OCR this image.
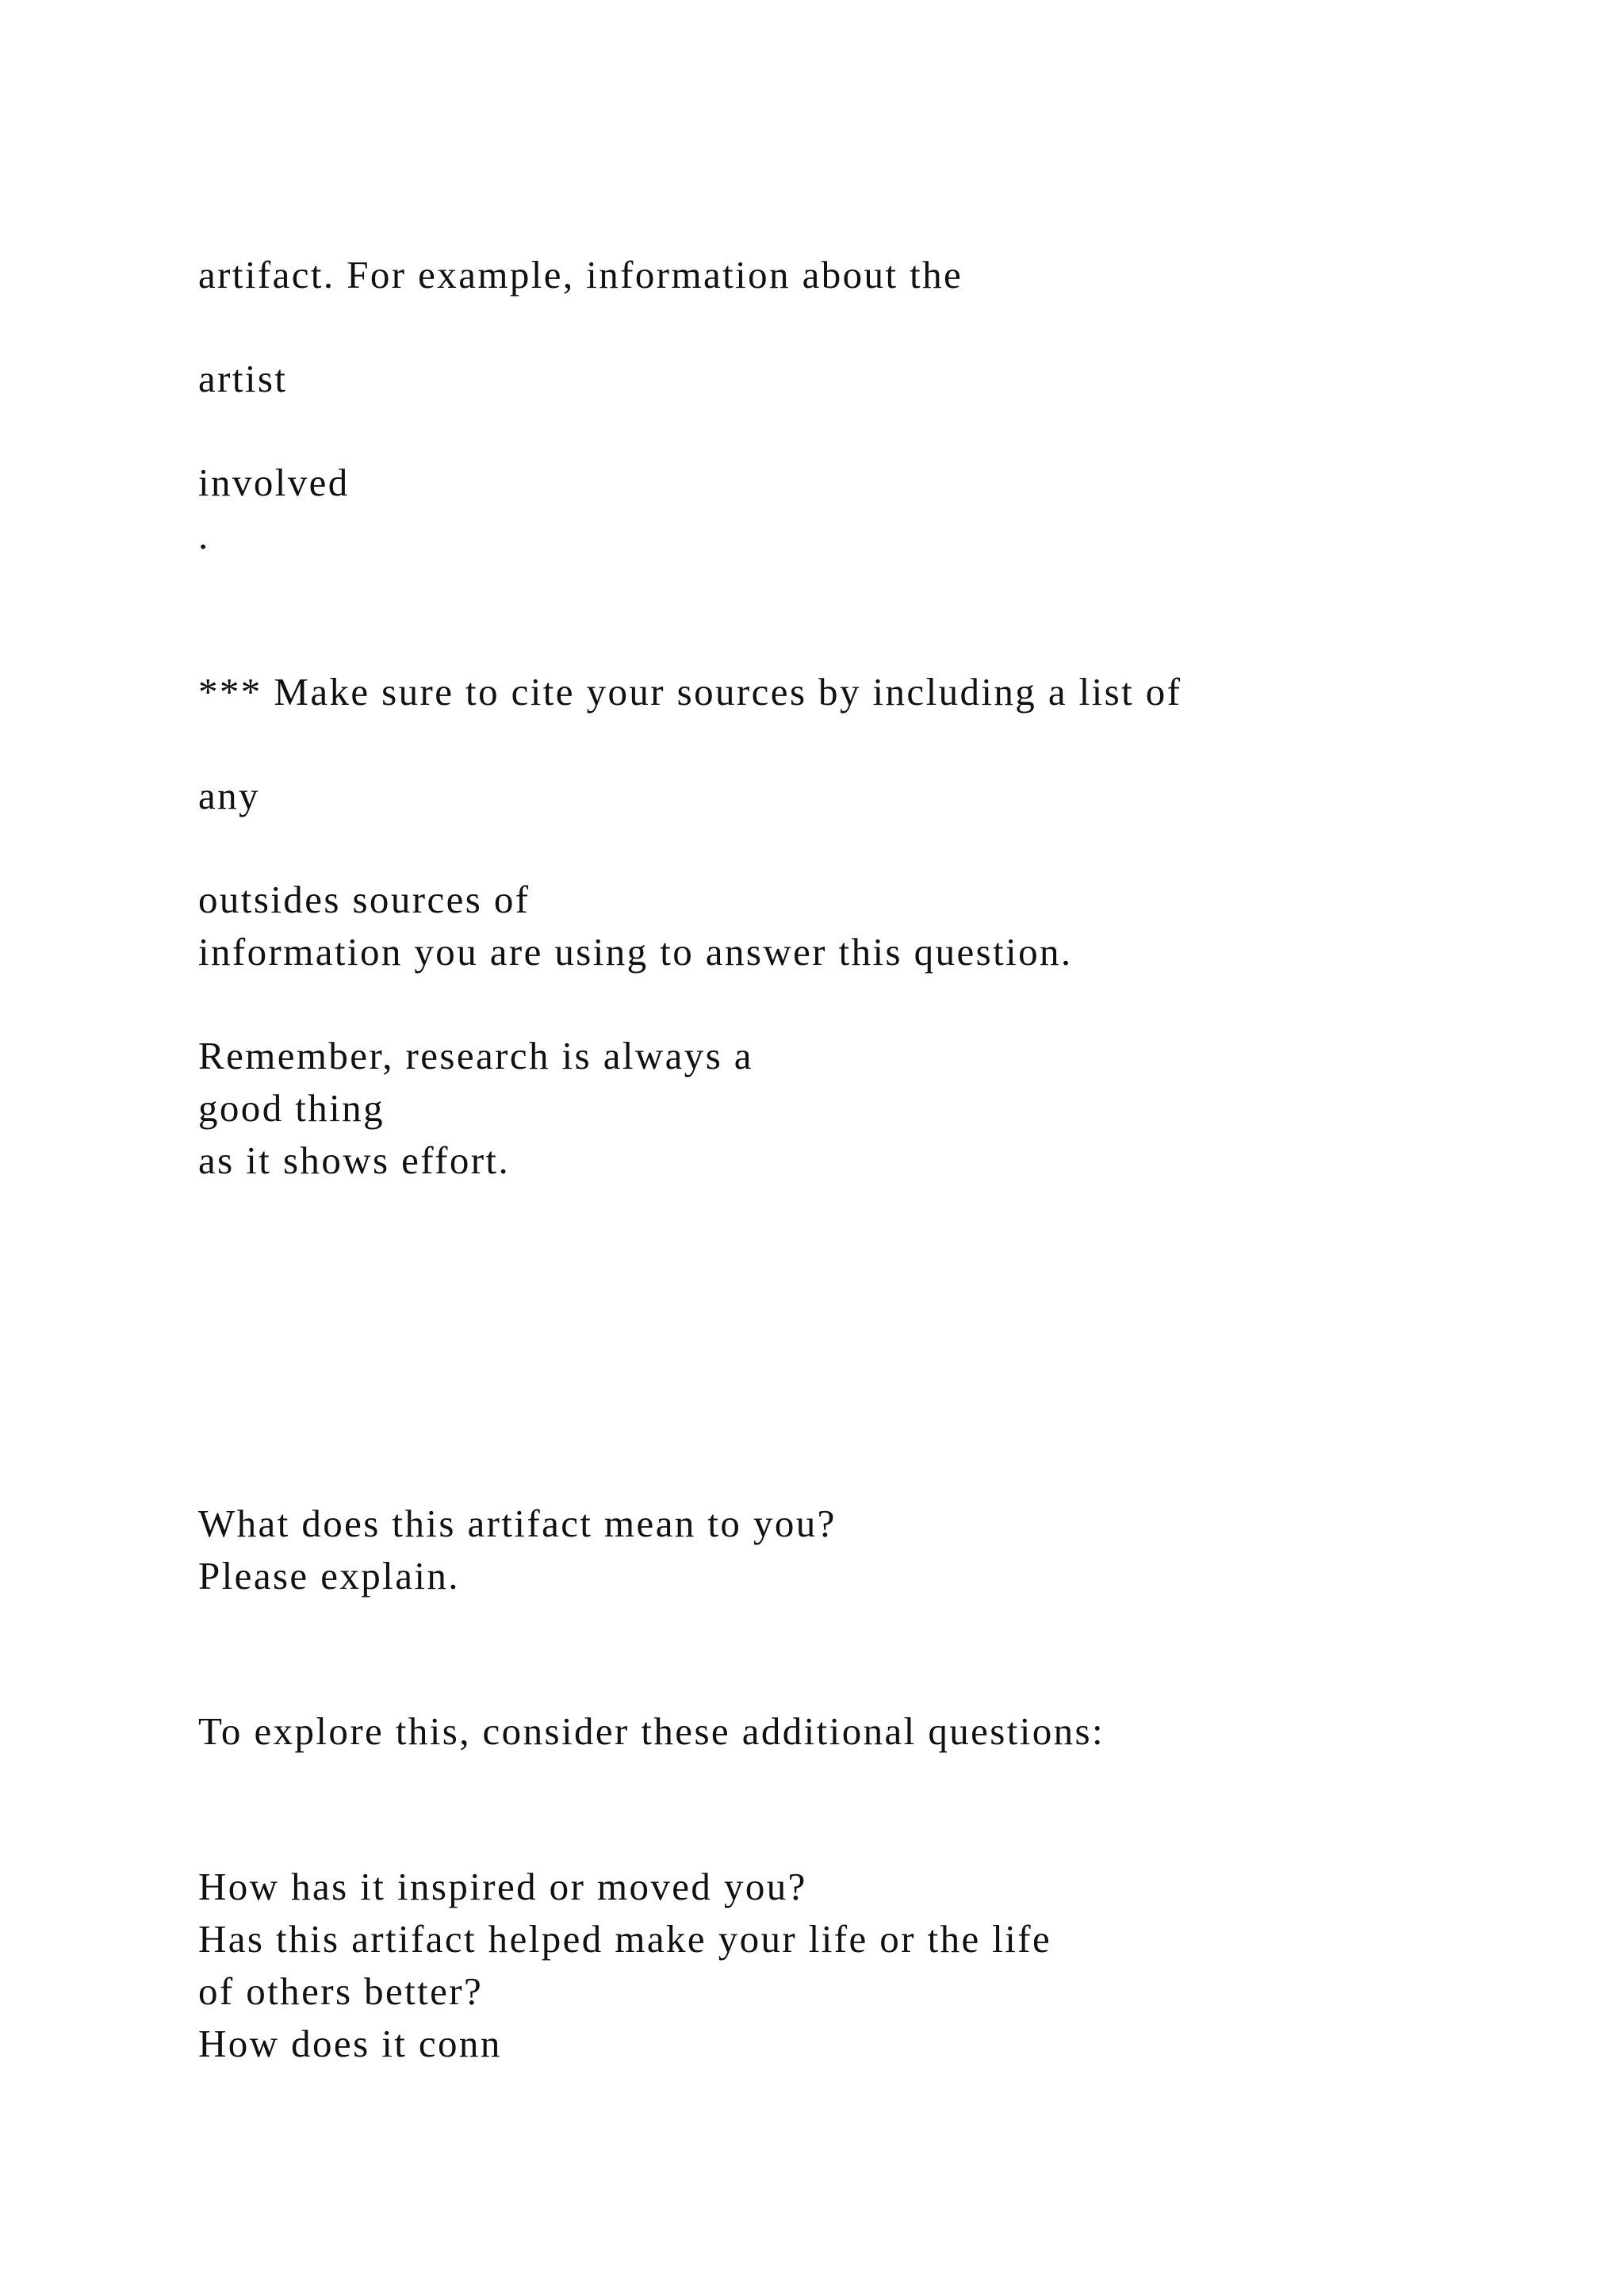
artifact. For example, information about the

artist

involved

.

*** Make sure to cite your sources by including a list of

any

outsides sources of

information you are using to answer this question.

Remember, research is always a

good thing

as it shows effort.

What does this artifact mean to you?

Please explain.

To explore this, consider these additional questions:

How has it inspired or moved you?

Has this artifact helped make your life or the life

of others better?

How does it conn
